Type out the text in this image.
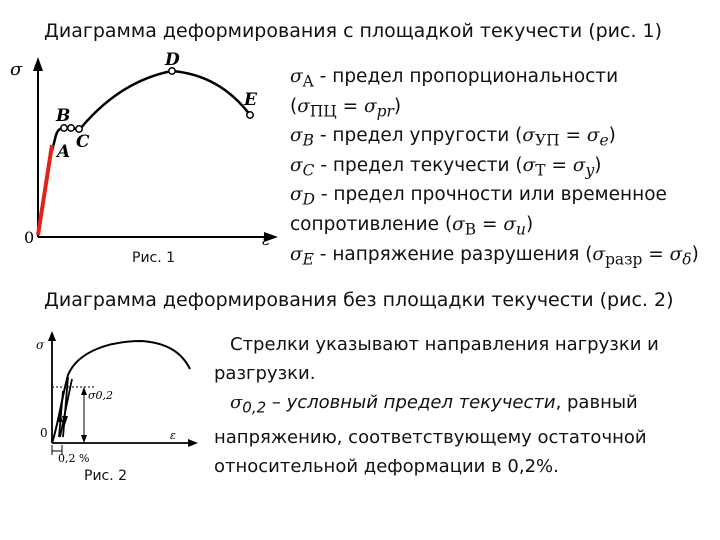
Диаграмма деформирования с площадкой текучести (рис. 1)
σ
ε
0
A
B
C
D
E
Рис. 1
$\sigma_A$ - предел пропорциональности
$(\sigma_{ПЦ} = \sigma_{pr})$
$\sigma_B$ - предел упругости $(\sigma_{УП} = \sigma_e)$
$\sigma_C$ - предел текучести $(\sigma_Т = \sigma_y)$
$\sigma_D$ - предел прочности или временное
сопротивление $(\sigma_В = \sigma_u)$
$\sigma_E$ - напряжение разрушения $(\sigma_{разр} = \sigma_\delta)$
Диаграмма деформирования без площадки текучести (рис. 2)
σ
ε
0
σ0,2
0,2 %
Рис. 2
Стрелки указывают направления нагрузки и
разгрузки.
$\sigma_{0,2}$ – условный предел текучести, равный
напряжению, соответствующему остаточной
относительной деформации в 0,2%.
